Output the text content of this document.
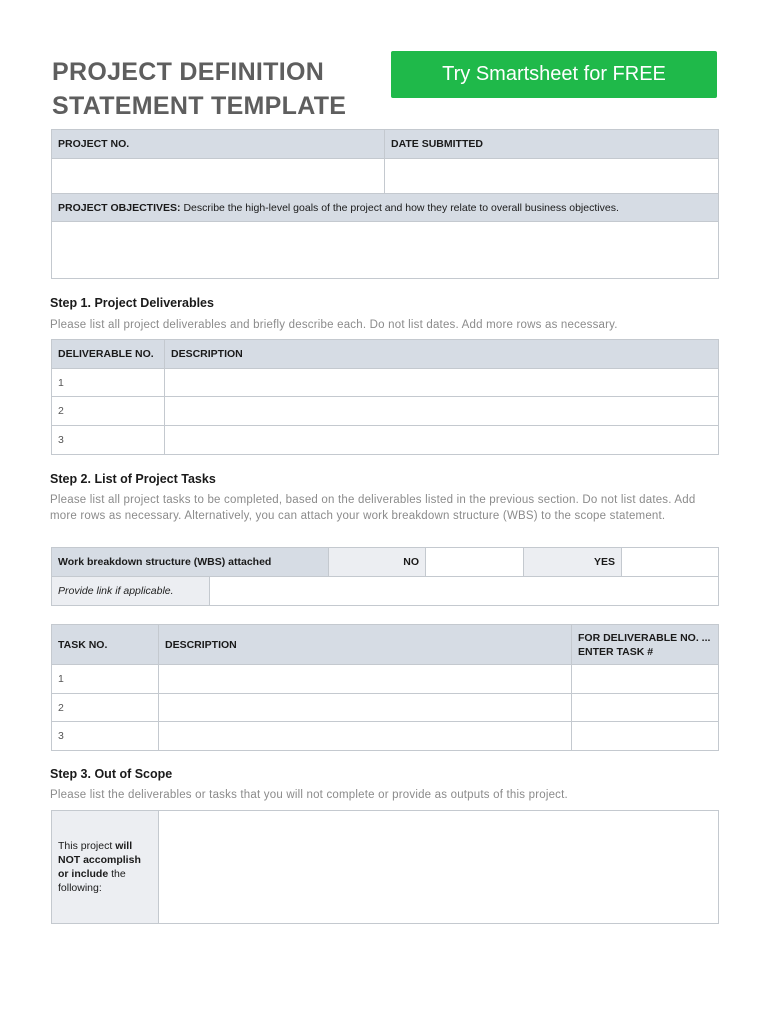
PROJECT DEFINITION
STATEMENT TEMPLATE
Try Smartsheet for FREE
PROJECT NO.	DATE SUBMITTED

PROJECT OBJECTIVES: Describe the high-level goals of the project and how they relate to overall business objectives.	

Step 1. Project Deliverables

Please list all project deliverables and briefly describe each. Do not list dates. Add more rows as necessary.

DELIVERABLE NO.	DESCRIPTION
1	
2	
3	
Step 2. List of Project Tasks

Please list all project tasks to be completed, based on the deliverables listed in the previous section. Do not list dates. Add more rows as necessary. Alternatively, you can attach your work breakdown structure (WBS) to the scope statement.

Work breakdown structure (WBS) attached		NO		YES	
Provide link if applicable.					
TASK NO.	DESCRIPTION	FOR DELIVERABLE NO. ...
ENTER TASK #

1		
2		
3		
Step 3. Out of Scope

Please list the deliverables or tasks that you will not complete or provide as outputs of this project.

This project will NOT accomplish or include the following:	
